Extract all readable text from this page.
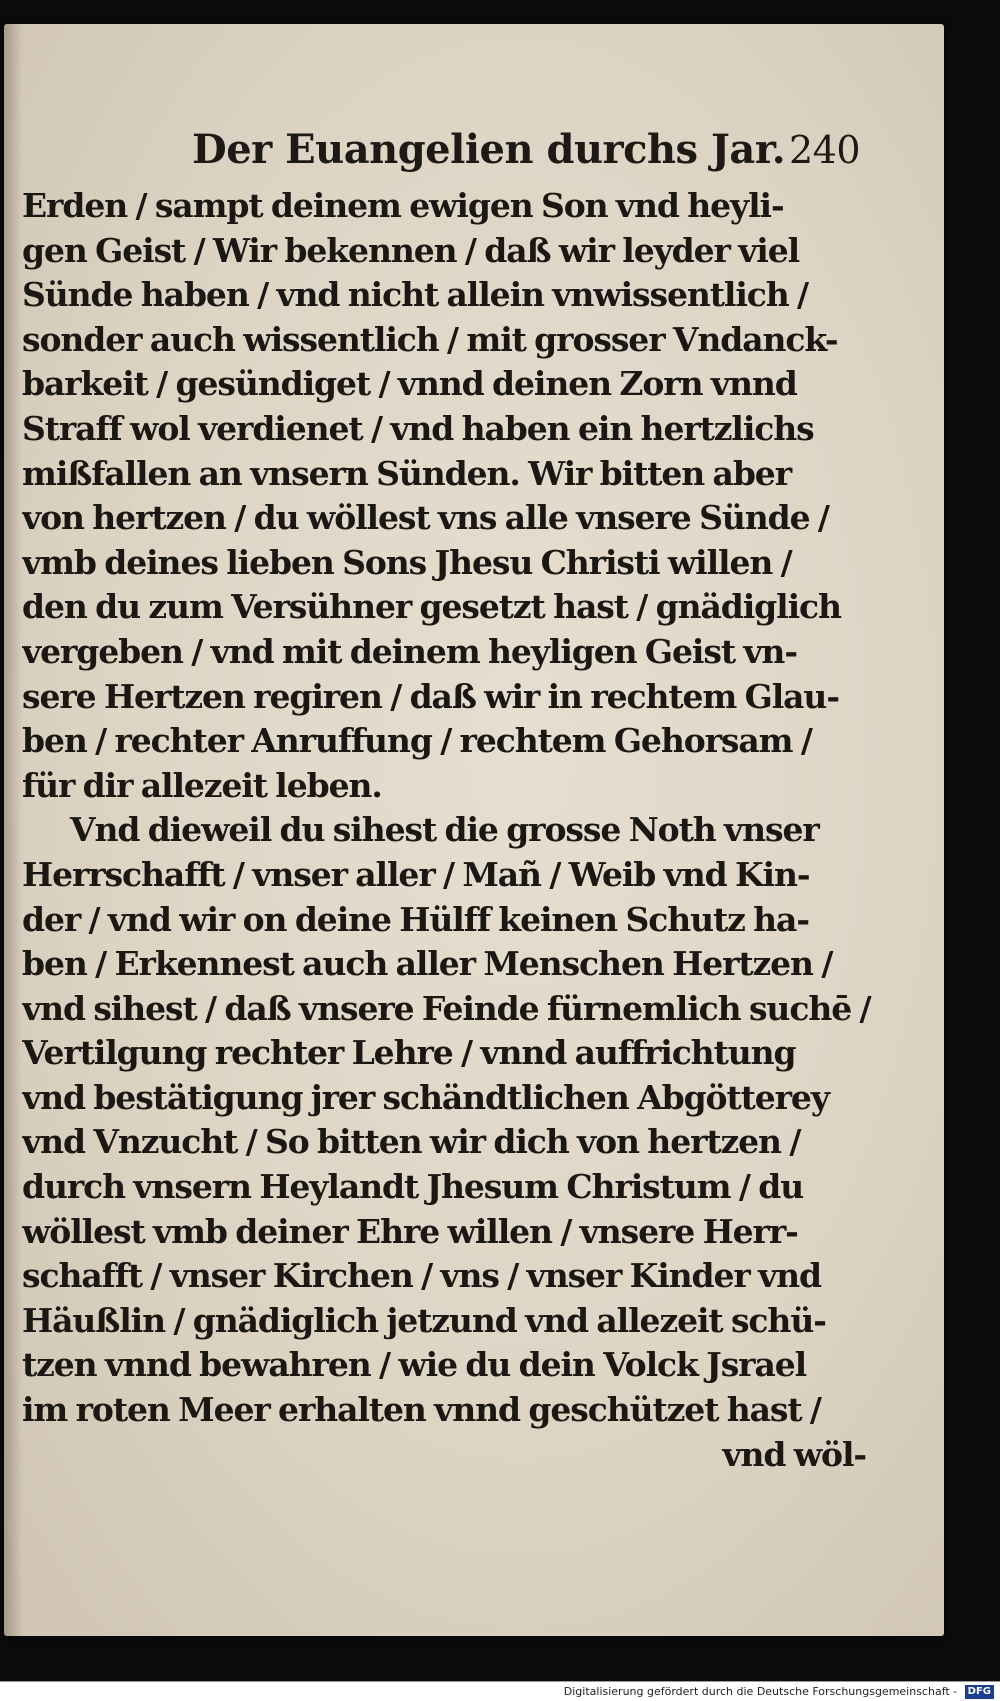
Der Euangelien durchs Jar. 240
Erden / sampt deinem ewigen Son vnd heyli-
gen Geist / Wir bekennen / daß wir leyder viel
Sünde haben / vnd nicht allein vnwissentlich /
sonder auch wissentlich / mit grosser Vndanck-
barkeit / gesündiget / vnnd deinen Zorn vnnd
Straff wol verdienet / vnd haben ein hertzlichs
mißfallen an vnsern Sünden. Wir bitten aber
von hertzen / du wöllest vns alle vnsere Sünde /
vmb deines lieben Sons Jhesu Christi willen /
den du zum Versühner gesetzt hast / gnädiglich
vergeben / vnd mit deinem heyligen Geist vn-
sere Hertzen regiren / daß wir in rechtem Glau-
ben / rechter Anruffung / rechtem Gehorsam /
für dir allezeit leben.
Vnd dieweil du sihest die grosse Noth vnser
Herrschafft / vnser aller / Mañ / Weib vnd Kin-
der / vnd wir on deine Hülff keinen Schutz ha-
ben / Erkennest auch aller Menschen Hertzen /
vnd sihest / daß vnsere Feinde fürnemlich suchē /
Vertilgung rechter Lehre / vnnd auffrichtung
vnd bestätigung jrer schändtlichen Abgötterey
vnd Vnzucht / So bitten wir dich von hertzen /
durch vnsern Heylandt Jhesum Christum / du
wöllest vmb deiner Ehre willen / vnsere Herr-
schafft / vnser Kirchen / vns / vnser Kinder vnd
Häußlin / gnädiglich jetzund vnd allezeit schü-
tzen vnnd bewahren / wie du dein Volck Jsrael
im roten Meer erhalten vnnd geschützet hast /
vnd wöl-
Digitalisierung gefördert durch die Deutsche Forschungsgemeinschaft - DFG
